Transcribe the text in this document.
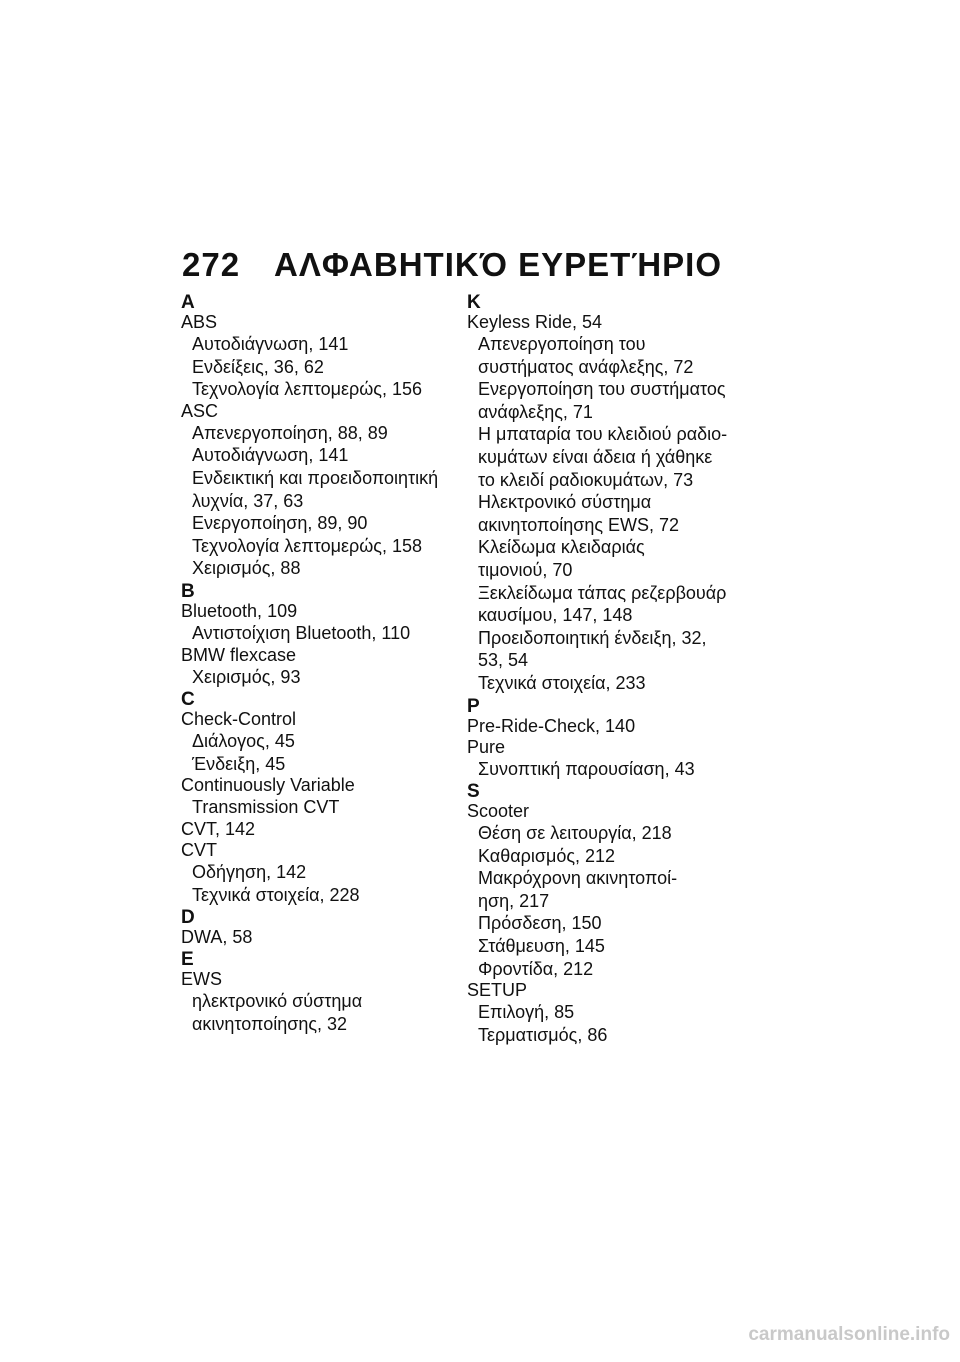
272 ΑΛΦΑΒΗΤΙΚΌ ΕΥΡΕΤΉΡΙΟ
A
ABS
Αυτοδιάγνωση, 141
Ενδείξεις, 36, 62
Τεχνολογία λεπτομερώς, 156
ASC
Απενεργοποίηση, 88, 89
Αυτοδιάγνωση, 141
Ενδεικτική και προειδοποιητική
λυχνία, 37, 63
Ενεργοποίηση, 89, 90
Τεχνολογία λεπτομερώς, 158
Χειρισμός, 88
B
Bluetooth, 109
Αντιστοίχιση Bluetooth, 110
BMW flexcase
Χειρισμός, 93
C
Check-Control
Διάλογος, 45
Ένδειξη, 45
Continuously Variable
Transmission CVT
CVT, 142
CVT
Οδήγηση, 142
Τεχνικά στοιχεία, 228
D
DWA, 58
E
EWS
ηλεκτρονικό σύστημα
ακινητοποίησης, 32
K
Keyless Ride, 54
Απενεργοποίηση του
συστήματος ανάφλεξης, 72
Ενεργοποίηση του συστήματος
ανάφλεξης, 71
Η μπαταρία του κλειδιού ραδιο-
κυμάτων είναι άδεια ή χάθηκε
το κλειδί ραδιοκυμάτων, 73
Ηλεκτρονικό σύστημα
ακινητοποίησης EWS, 72
Κλείδωμα κλειδαριάς
τιμονιού, 70
Ξεκλείδωμα τάπας ρεζερβουάρ
καυσίμου, 147, 148
Προειδοποιητική ένδειξη, 32,
53, 54
Τεχνικά στοιχεία, 233
P
Pre-Ride-Check, 140
Pure
Συνοπτική παρουσίαση, 43
S
Scooter
Θέση σε λειτουργία, 218
Καθαρισμός, 212
Μακρόχρονη ακινητοποί-
ηση, 217
Πρόσδεση, 150
Στάθμευση, 145
Φροντίδα, 212
SETUP
Επιλογή, 85
Τερματισμός, 86
carmanualsonline.info
